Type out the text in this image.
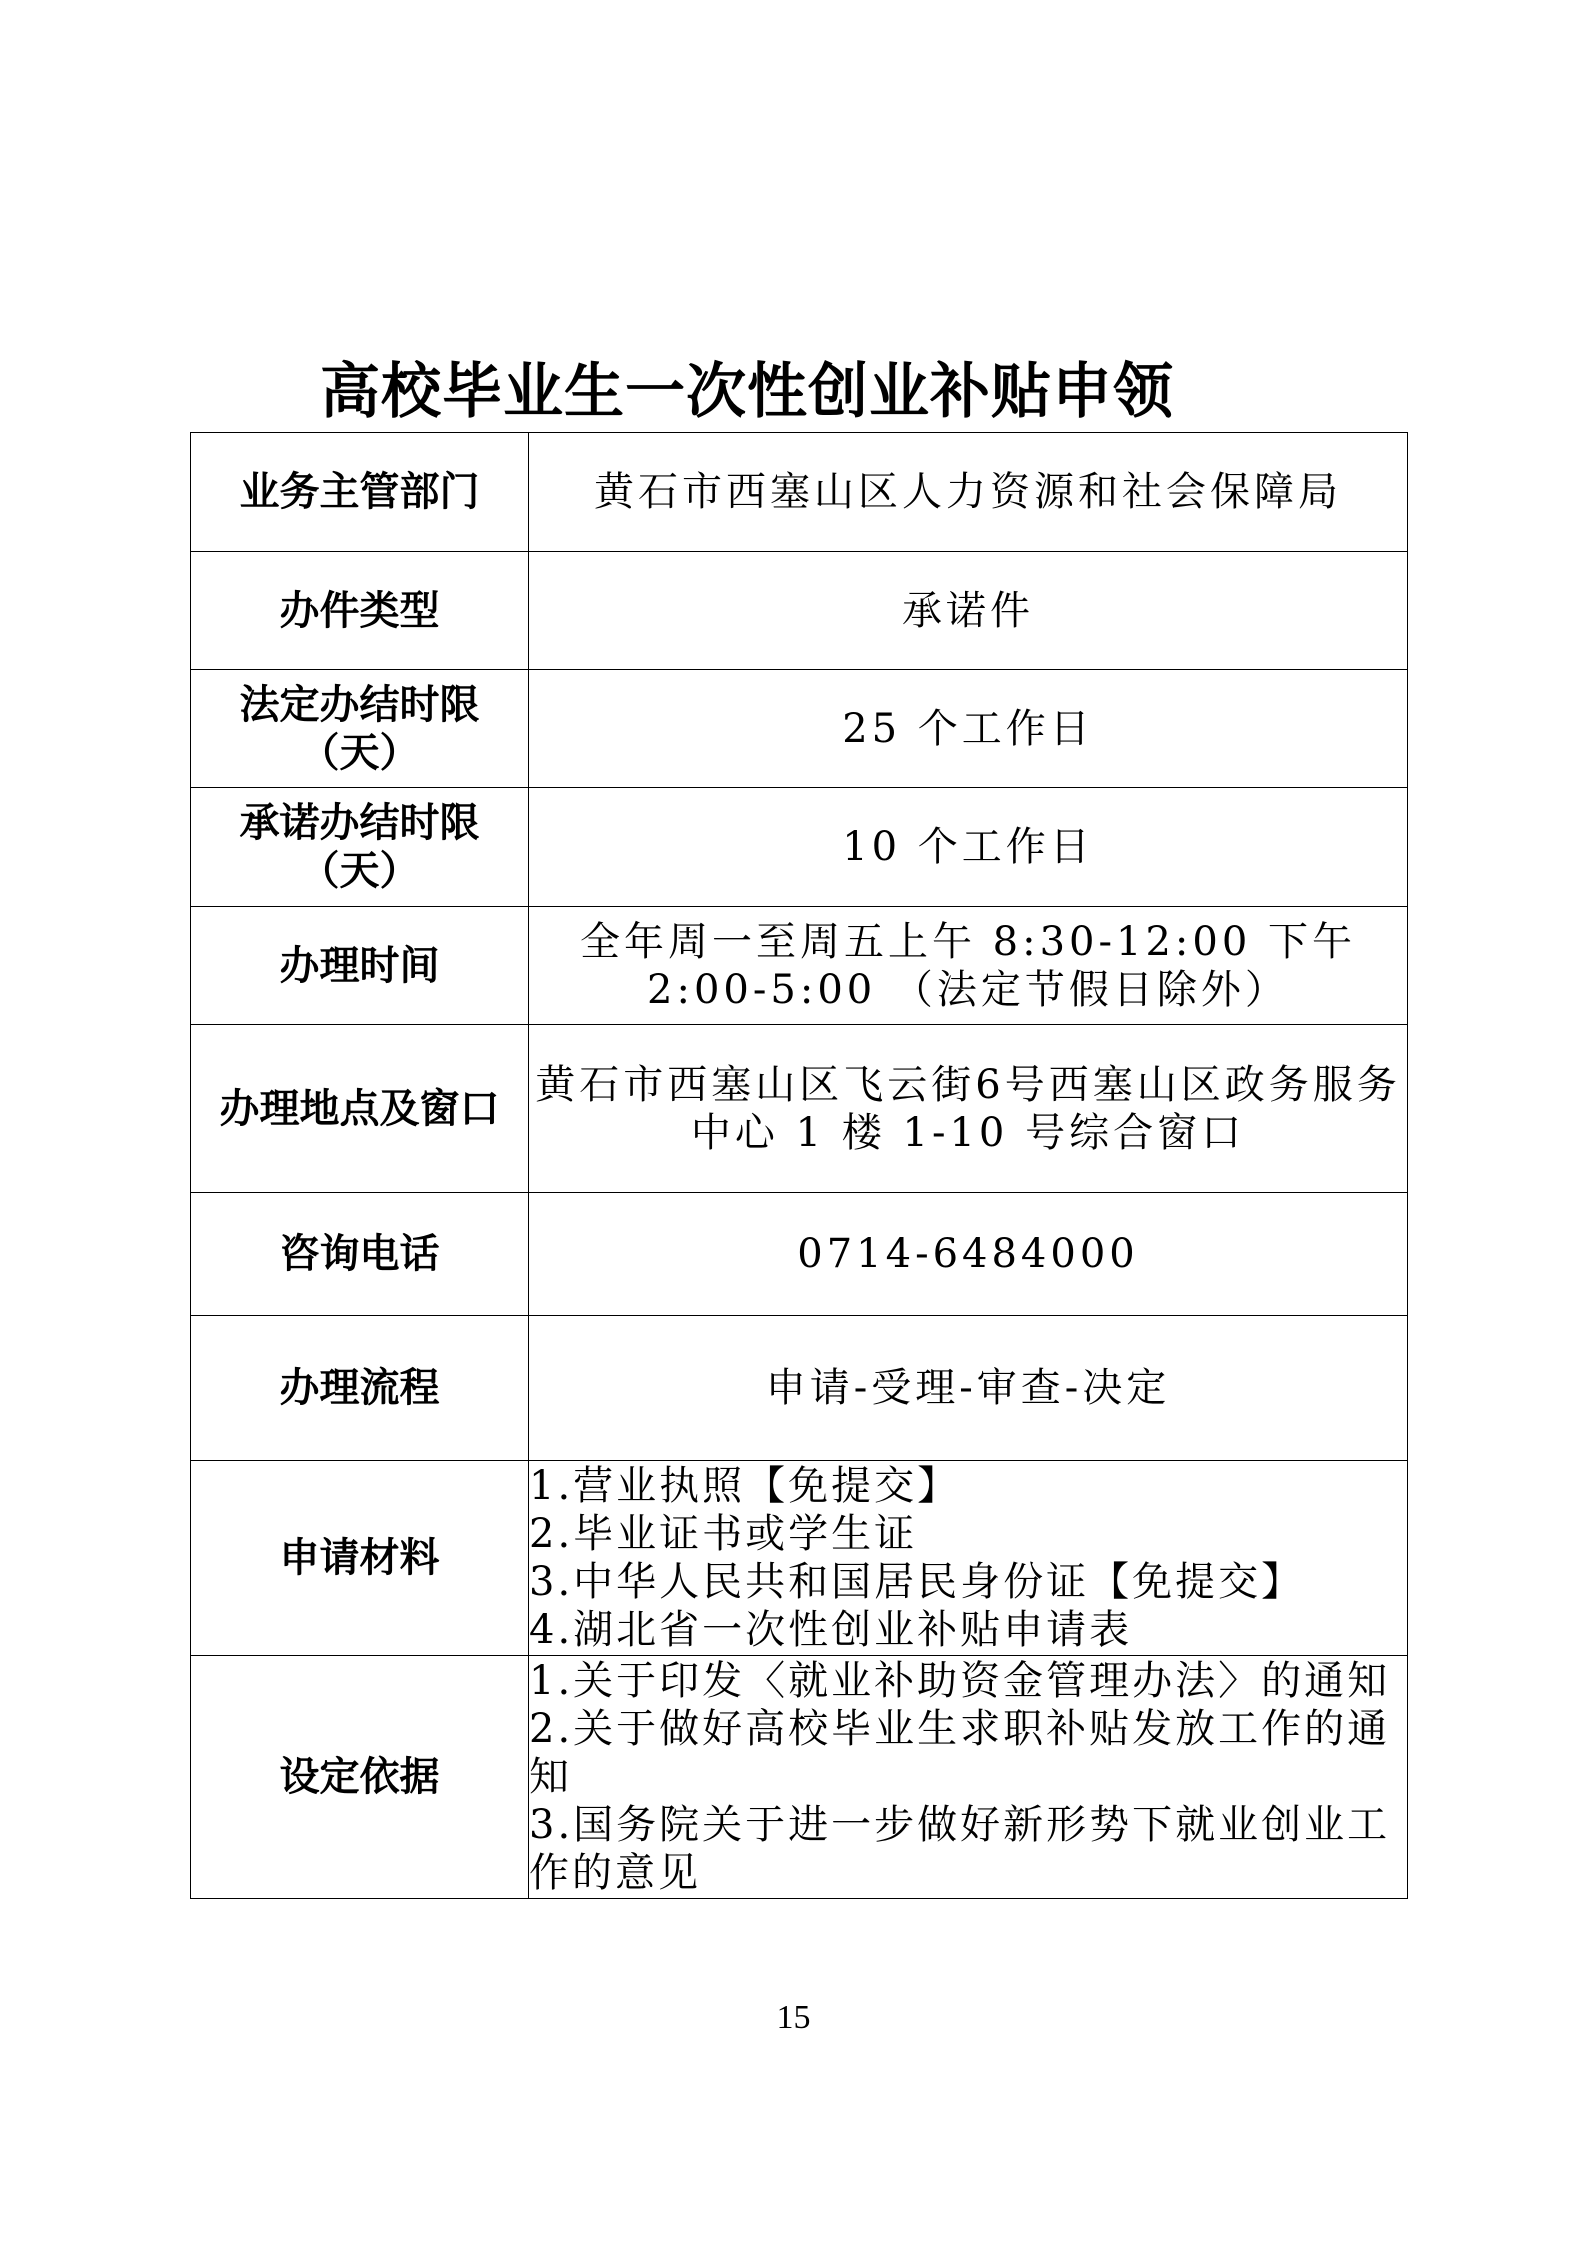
高校毕业生一次性创业补贴申领
业务主管部门	黄石市西塞山区人力资源和社会保障局
办件类型	承诺件

法定办结时限
（天）	25 个工作日

承诺办结时限
（天）	10 个工作日
办理时间	全年周一至周五上午 8:30-12:00 下午
2:00-5:00 （法定节假日除外）

办理地点及窗口	黄石市西塞山区飞云街6号西塞山区政务服务
中心 1 楼 1-10 号综合窗口

咨询电话	0714-6484000
办理流程	申请-受理-审查-决定
申请材料	1.营业执照【免提交】
2.毕业证书或学生证
3.中华人民共和国居民身份证【免提交】
4.湖北省一次性创业补贴申请表

设定依据	1.关于印发〈就业补助资金管理办法〉的通知
2.关于做好高校毕业生求职补贴发放工作的通知
3.国务院关于进一步做好新形势下就业创业工作的意见
15
